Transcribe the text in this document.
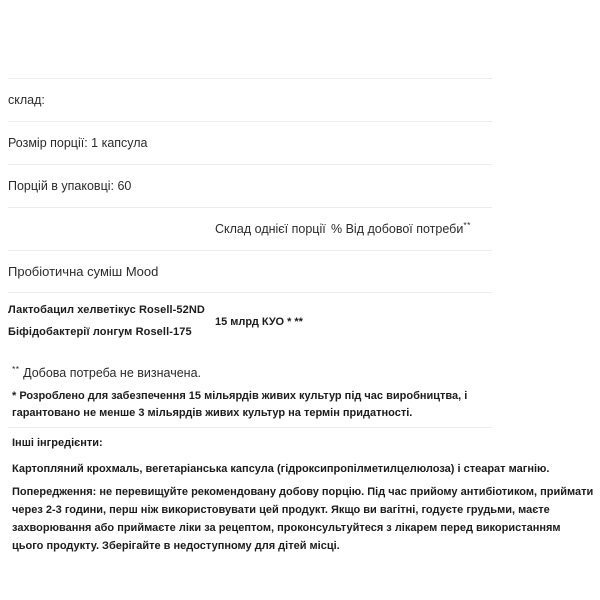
склад:		
Розмір порції: 1 капсула		
Порцій в упаковці: 60		
	Склад однієї порції	% Від добової потреби**
Пробіотична суміш Mood		

Лактобацил хелветікус Rosell-52ND
Біфідобактерії лонгум Rosell-175	15 млрд КУО * **	
** Добова потреба не визначена.
* Розроблено для забезпечення 15 мільярдів живих культур під час виробництва, і гарантовано не менше 3 мільярдів живих культур на термін придатності.
Інші інгредієнти:
Картопляний крохмаль, вегетаріанська капсула (гідроксипропілметилцелюлоза) і стеарат магнію.
Попередження: не перевищуйте рекомендовану добову порцію. Під час прийому антибіотиком, приймати через 2-3 години, перш ніж використовувати цей продукт. Якщо ви вагітні, годуєте грудьми, маєте захворювання або приймаєте ліки за рецептом, проконсультуйтеся з лікарем перед використанням цього продукту. Зберігайте в недоступному для дітей місці.
